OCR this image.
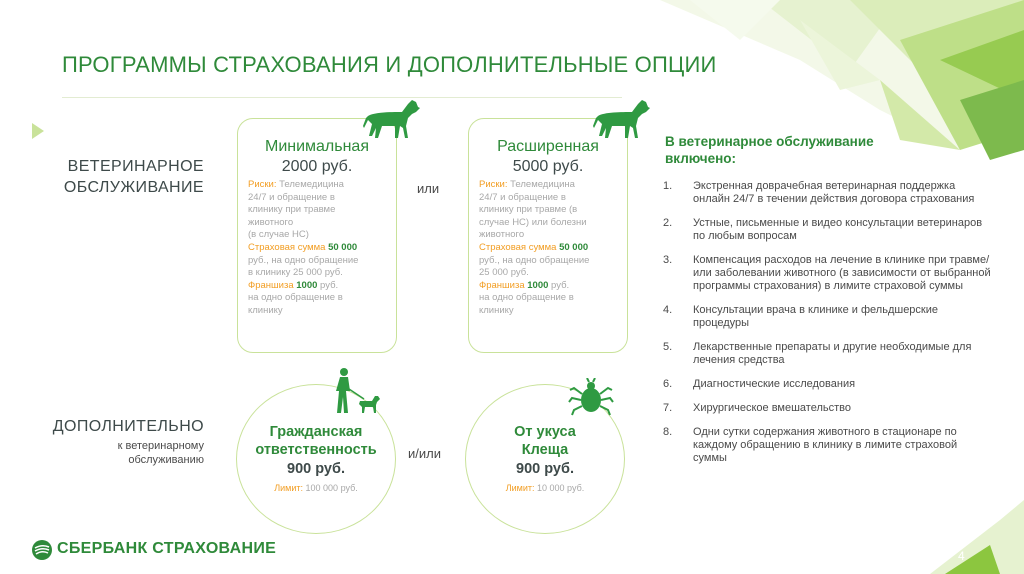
ПРОГРАММЫ СТРАХОВАНИЯ И ДОПОЛНИТЕЛЬНЫЕ ОПЦИИ
ВЕТЕРИНАРНОЕ
ОБСЛУЖИВАНИЕ
ДОПОЛНИТЕЛЬНО
к ветеринарному
обслуживанию
Минимальная
2000 руб.
Риски: Телемедицина
24/7 и обращение в
клинику при травме
животного
(в случае НС)
Страховая сумма 50 000
руб., на одно обращение
в клинику 25 000 руб.
Франшиза 1000 руб.
на одно обращение в
клинику
Расширенная
5000 руб.
Риски: Телемедицина
24/7 и обращение в
клинику при травме (в
случае НС) или болезни
животного
Страховая сумма 50 000
руб., на одно обращение
25 000 руб.
Франшиза 1000 руб.
на одно обращение в
клинику
или
Гражданская
ответственность
900 руб.
Лимит: 100 000 руб.
От укуса
Клеща
900 руб.
Лимит: 10 000 руб.
и/или
В ветеринарное обслуживание включено:
1. Экстренная доврачебная ветеринарная поддержка онлайн 24/7 в течении действия договора страхования
2. Устные, письменные и видео консультации ветеринаров по любым вопросам
3. Компенсация расходов на лечение в клинике при травме/или заболевании животного (в зависимости от выбранной программы страхования) в лимите страховой суммы
4. Консультации врача в клинике и фельдшерские процедуры
5. Лекарственные препараты и другие необходимые для лечения средства
6. Диагностические исследования
7. Хирургическое вмешательство
8. Одни сутки содержания животного в стационаре по каждому обращению в клинику в лимите страховой суммы
СБЕРБАНК СТРАХОВАНИЕ	4
